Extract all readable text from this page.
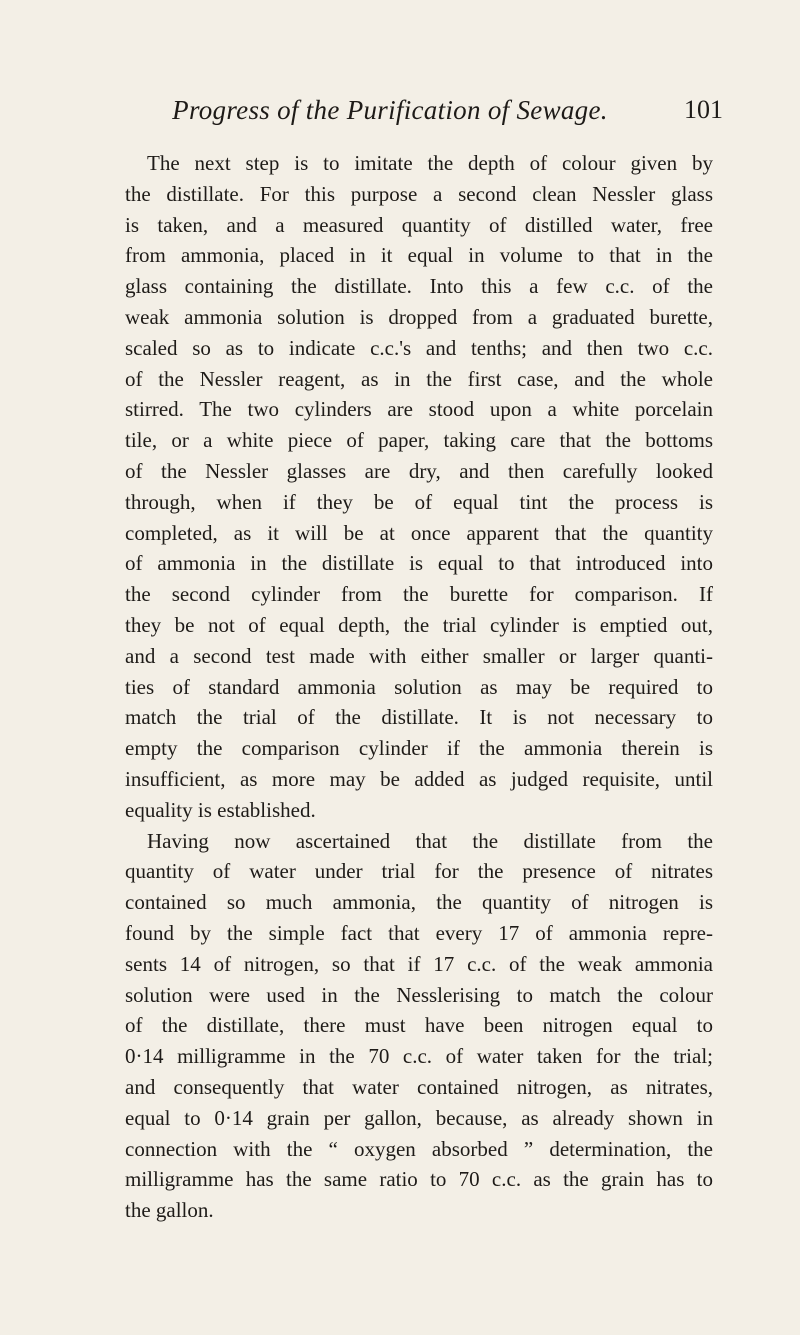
Progress of the Purification of Sewage.	101
The next step is to imitate the depth of colour given by
the distillate. For this purpose a second clean Nessler glass
is taken, and a measured quantity of distilled water, free
from ammonia, placed in it equal in volume to that in the
glass containing the distillate. Into this a few c.c. of the
weak ammonia solution is dropped from a graduated burette,
scaled so as to indicate c.c.'s and tenths; and then two c.c.
of the Nessler reagent, as in the first case, and the whole
stirred. The two cylinders are stood upon a white porcelain
tile, or a white piece of paper, taking care that the bottoms
of the Nessler glasses are dry, and then carefully looked
through, when if they be of equal tint the process is
completed, as it will be at once apparent that the quantity
of ammonia in the distillate is equal to that introduced into
the second cylinder from the burette for comparison. If
they be not of equal depth, the trial cylinder is emptied out,
and a second test made with either smaller or larger quanti-
ties of standard ammonia solution as may be required to
match the trial of the distillate. It is not necessary to
empty the comparison cylinder if the ammonia therein is
insufficient, as more may be added as judged requisite, until
equality is established.
Having now ascertained that the distillate from the
quantity of water under trial for the presence of nitrates
contained so much ammonia, the quantity of nitrogen is
found by the simple fact that every 17 of ammonia repre-
sents 14 of nitrogen, so that if 17 c.c. of the weak ammonia
solution were used in the Nesslerising to match the colour
of the distillate, there must have been nitrogen equal to
0·14 milligramme in the 70 c.c. of water taken for the trial;
and consequently that water contained nitrogen, as nitrates,
equal to 0·14 grain per gallon, because, as already shown in
connection with the “ oxygen absorbed ” determination, the
milligramme has the same ratio to 70 c.c. as the grain has to
the gallon.
